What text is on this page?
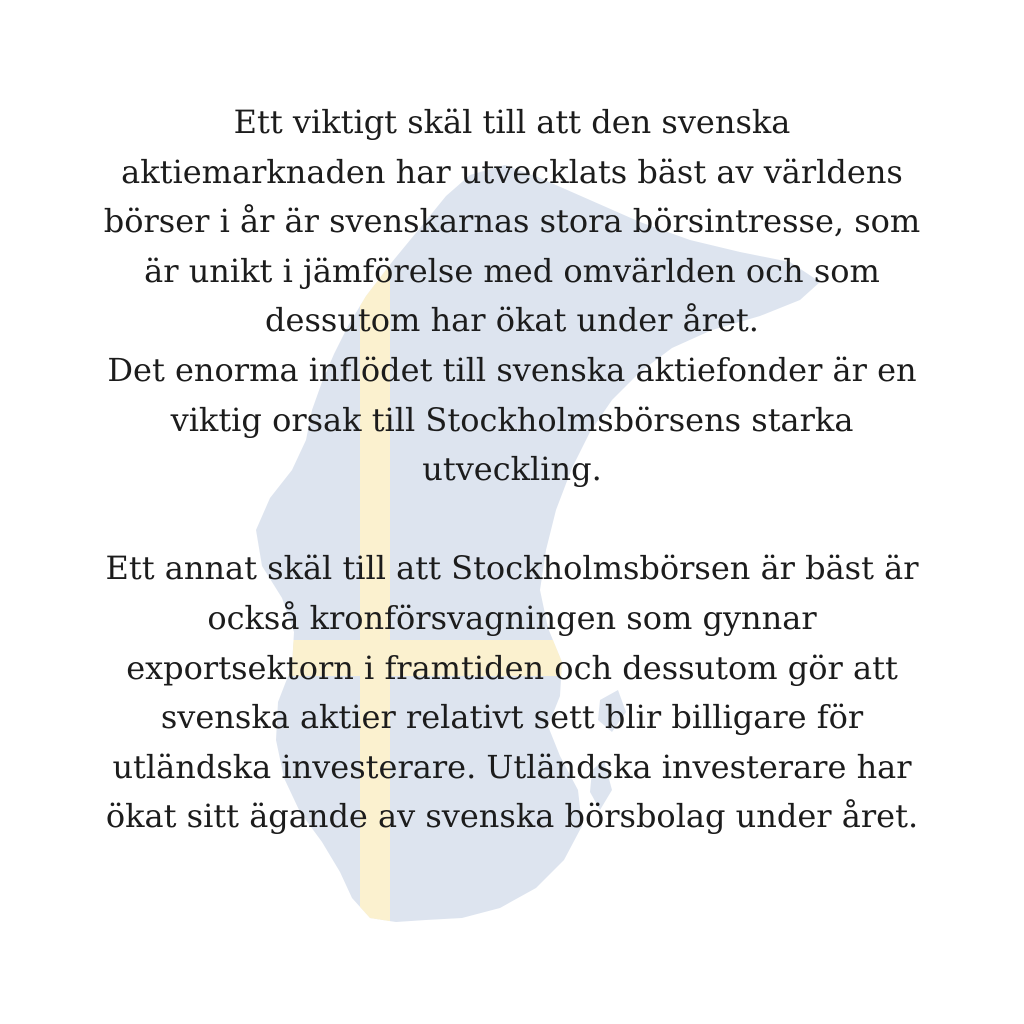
Ett viktigt skäl till att den svenska aktiemarknaden har utvecklats bäst av världens börser i år är svenskarnas stora börsintresse, som är unikt i jämförelse med omvärlden och som dessutom har ökat under året.

Det enorma inflödet till svenska aktiefonder är en viktig orsak till Stockholmsbörsens starka utveckling.

Ett annat skäl till att Stockholmsbörsen är bäst är också kronförsvagningen som gynnar exportsektorn i framtiden och dessutom gör att svenska aktier relativt sett blir billigare för utländska investerare. Utländska investerare har ökat sitt ägande av svenska börsbolag under året.
